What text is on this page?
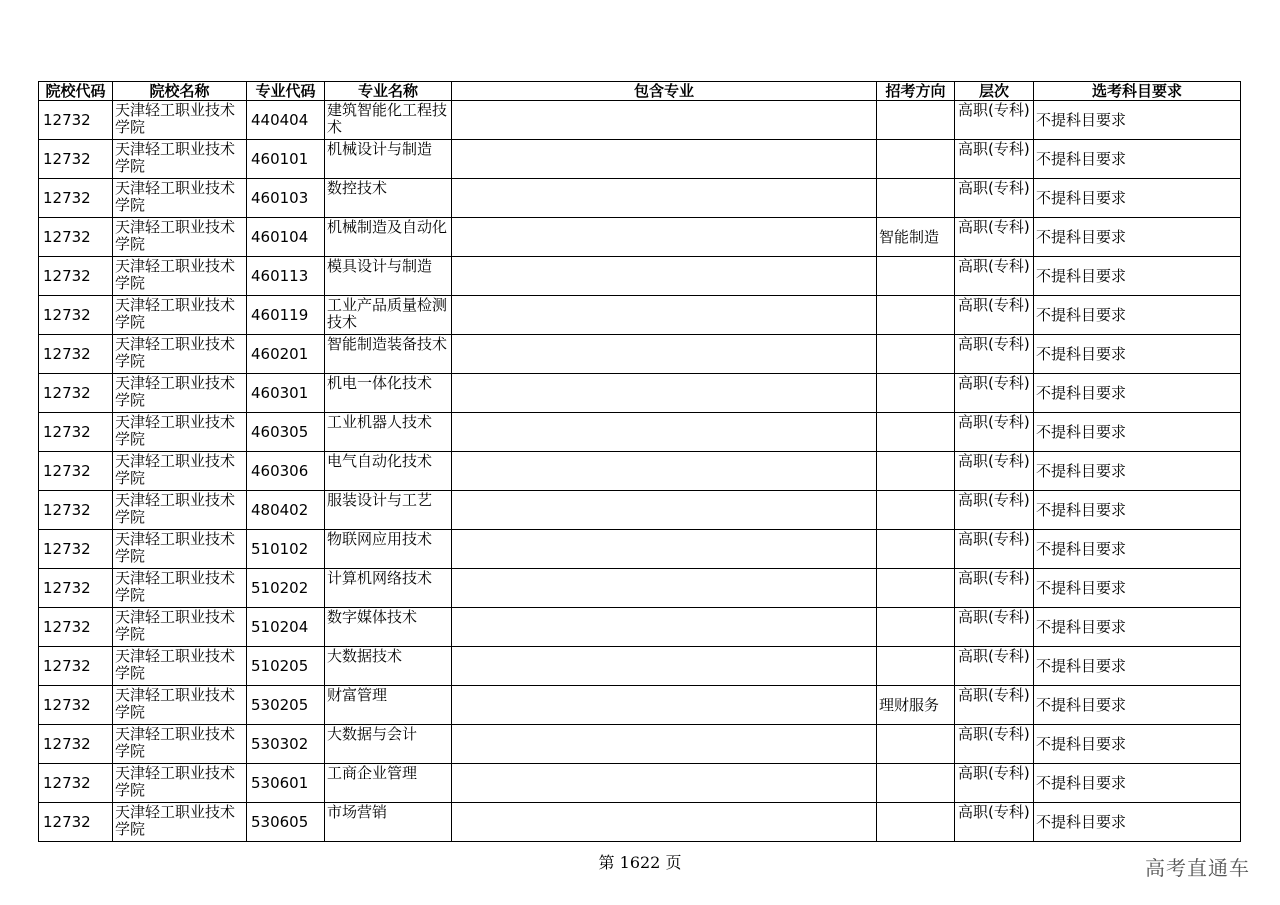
院校代码	院校名称	专业代码	专业名称	包含专业	招考方向	层次	选考科目要求
12732	天津轻工职业技术学院	440404	建筑智能化工程技术			高职(专科)	不提科目要求
12732	天津轻工职业技术学院	460101	机械设计与制造			高职(专科)	不提科目要求
12732	天津轻工职业技术学院	460103	数控技术			高职(专科)	不提科目要求
12732	天津轻工职业技术学院	460104	机械制造及自动化		智能制造	高职(专科)	不提科目要求
12732	天津轻工职业技术学院	460113	模具设计与制造			高职(专科)	不提科目要求
12732	天津轻工职业技术学院	460119	工业产品质量检测技术			高职(专科)	不提科目要求
12732	天津轻工职业技术学院	460201	智能制造装备技术			高职(专科)	不提科目要求
12732	天津轻工职业技术学院	460301	机电一体化技术			高职(专科)	不提科目要求
12732	天津轻工职业技术学院	460305	工业机器人技术			高职(专科)	不提科目要求
12732	天津轻工职业技术学院	460306	电气自动化技术			高职(专科)	不提科目要求
12732	天津轻工职业技术学院	480402	服装设计与工艺			高职(专科)	不提科目要求
12732	天津轻工职业技术学院	510102	物联网应用技术			高职(专科)	不提科目要求
12732	天津轻工职业技术学院	510202	计算机网络技术			高职(专科)	不提科目要求
12732	天津轻工职业技术学院	510204	数字媒体技术			高职(专科)	不提科目要求
12732	天津轻工职业技术学院	510205	大数据技术			高职(专科)	不提科目要求
12732	天津轻工职业技术学院	530205	财富管理		理财服务	高职(专科)	不提科目要求
12732	天津轻工职业技术学院	530302	大数据与会计			高职(专科)	不提科目要求
12732	天津轻工职业技术学院	530601	工商企业管理			高职(专科)	不提科目要求
12732	天津轻工职业技术学院	530605	市场营销			高职(专科)	不提科目要求
第 1622 页	高考直通车
